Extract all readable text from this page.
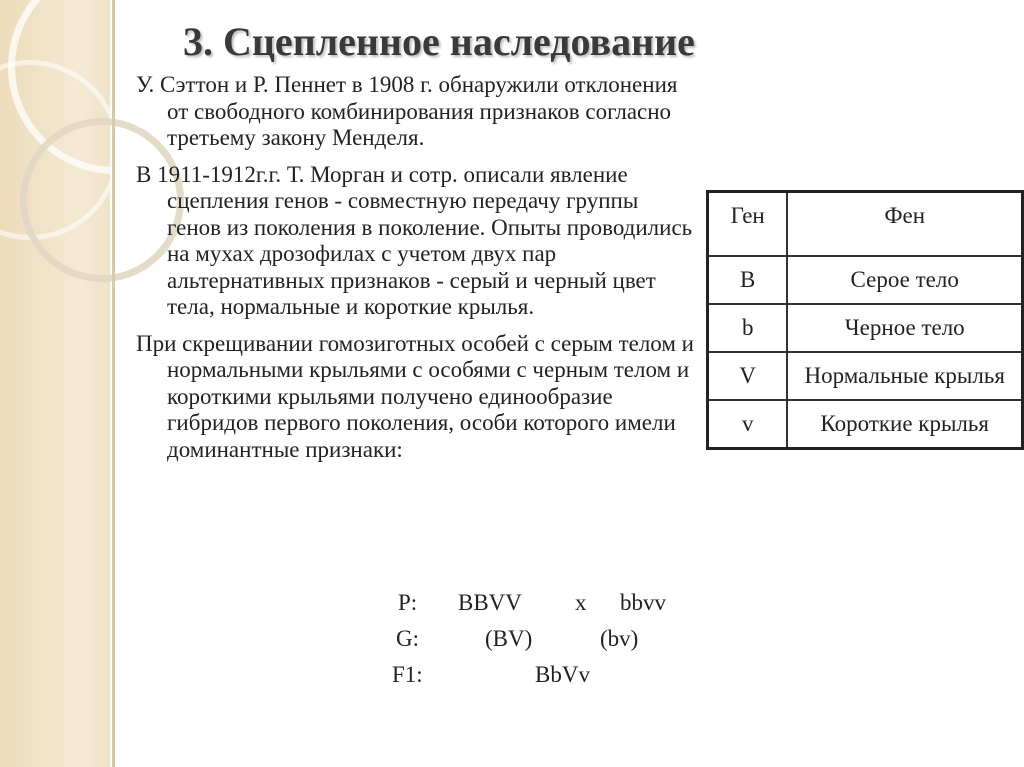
3. Сцепленное наследование

У. Сэттон и Р. Пеннет в 1908 г. обнаружили отклонения от свободного комбинирования признаков согласно третьему закону Менделя.

В 1911-1912г.г. Т. Морган и сотр. описали явление сцепления генов - совместную передачу группы генов из поколения в поколение. Опыты проводились на мухах дрозофилах с учетом двух пар альтернативных признаков - серый и черный цвет тела, нормальные и короткие крылья.

При скрещивании гомозиготных особей с серым телом и нормальными крыльями с особями с черным телом и короткими крыльями получено единообразие гибридов первого поколения, особи которого имели доминантные признаки:

P: BBVV x bbvv
G:	(BV)	(bv)
F1:	BbVv
Ген	Фен
B	Серое тело
b	Черное тело
V	Нормальные крылья
v	Короткие крылья
